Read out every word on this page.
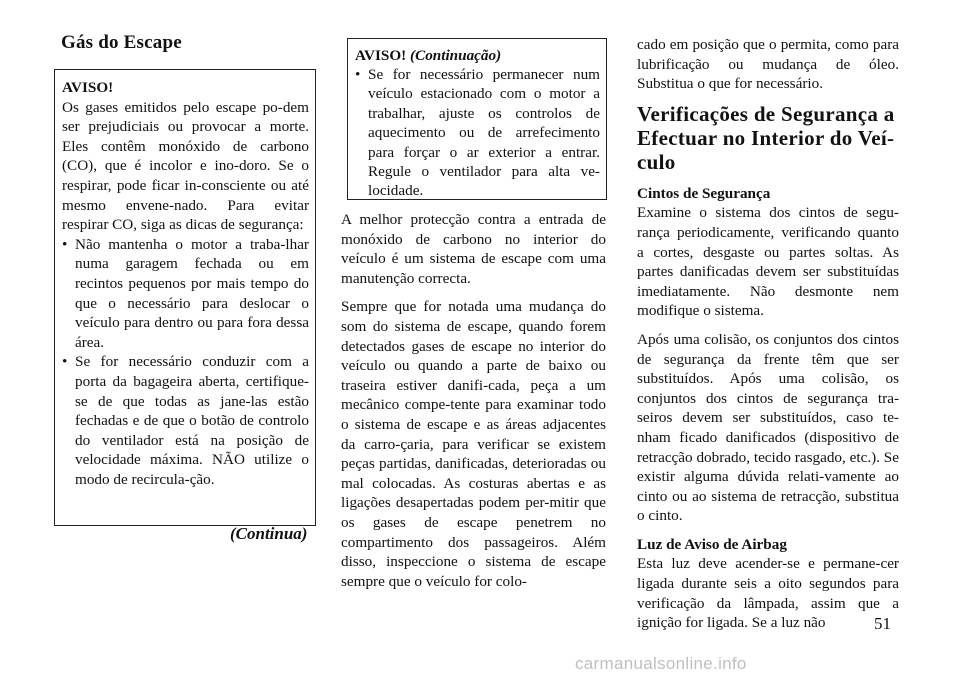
Gás do Escape

AVISO!

Os gases emitidos pelo escape po-dem ser prejudiciais ou provocar a morte. Eles contêm monóxido de carbono (CO), que é incolor e ino-doro. Se o respirar, pode ficar in-consciente ou até mesmo envene-nado. Para evitar respirar CO, siga as dicas de segurança:

• Não mantenha o motor a traba-lhar numa garagem fechada ou em recintos pequenos por mais tempo do que o necessário para deslocar o veículo para dentro ou para fora dessa área.
• Se for necessário conduzir com a porta da bagageira aberta, certifique-se de que todas as jane-las estão fechadas e de que o botão de controlo do ventilador está na posição de velocidade máxima. NÃO utilize o modo de recircula-ção.
(Continua)

AVISO! (Continuação)

• Se for necessário permanecer num veículo estacionado com o motor a trabalhar, ajuste os controlos de aquecimento ou de arrefecimento para forçar o ar exterior a entrar. Regule o ventilador para alta ve-locidade.

A melhor protecção contra a entrada de monóxido de carbono no interior do veículo é um sistema de escape com uma manutenção correcta.

Sempre que for notada uma mudança do som do sistema de escape, quando forem detectados gases de escape no interior do veículo ou quando a parte de baixo ou traseira estiver danifi-cada, peça a um mecânico compe-tente para examinar todo o sistema de escape e as áreas adjacentes da carro-çaria, para verificar se existem peças partidas, danificadas, deterioradas ou mal colocadas. As costuras abertas e as ligações desapertadas podem per-mitir que os gases de escape penetrem no compartimento dos passageiros. Além disso, inspeccione o sistema de escape sempre que o veículo for colo-

cado em posição que o permita, como para lubrificação ou mudança de óleo. Substitua o que for necessário.

Verificações de Segurança a Efectuar no Interior do Veí-culo

Cintos de Segurança

Examine o sistema dos cintos de segu-rança periodicamente, verificando quanto a cortes, desgaste ou partes soltas. As partes danificadas devem ser substituídas imediatamente. Não desmonte nem modifique o sistema.

Após uma colisão, os conjuntos dos cintos de segurança da frente têm que ser substituídos. Após uma colisão, os conjuntos dos cintos de segurança tra-seiros devem ser substituídos, caso te-nham ficado danificados (dispositivo de retracção dobrado, tecido rasgado, etc.). Se existir alguma dúvida relati-vamente ao cinto ou ao sistema de retracção, substitua o cinto.

Luz de Aviso de Airbag

Esta luz deve acender-se e permane-cer ligada durante seis a oito segundos para verificação da lâmpada, assim que a ignição for ligada. Se a luz não	51
carmanualsonline.info
